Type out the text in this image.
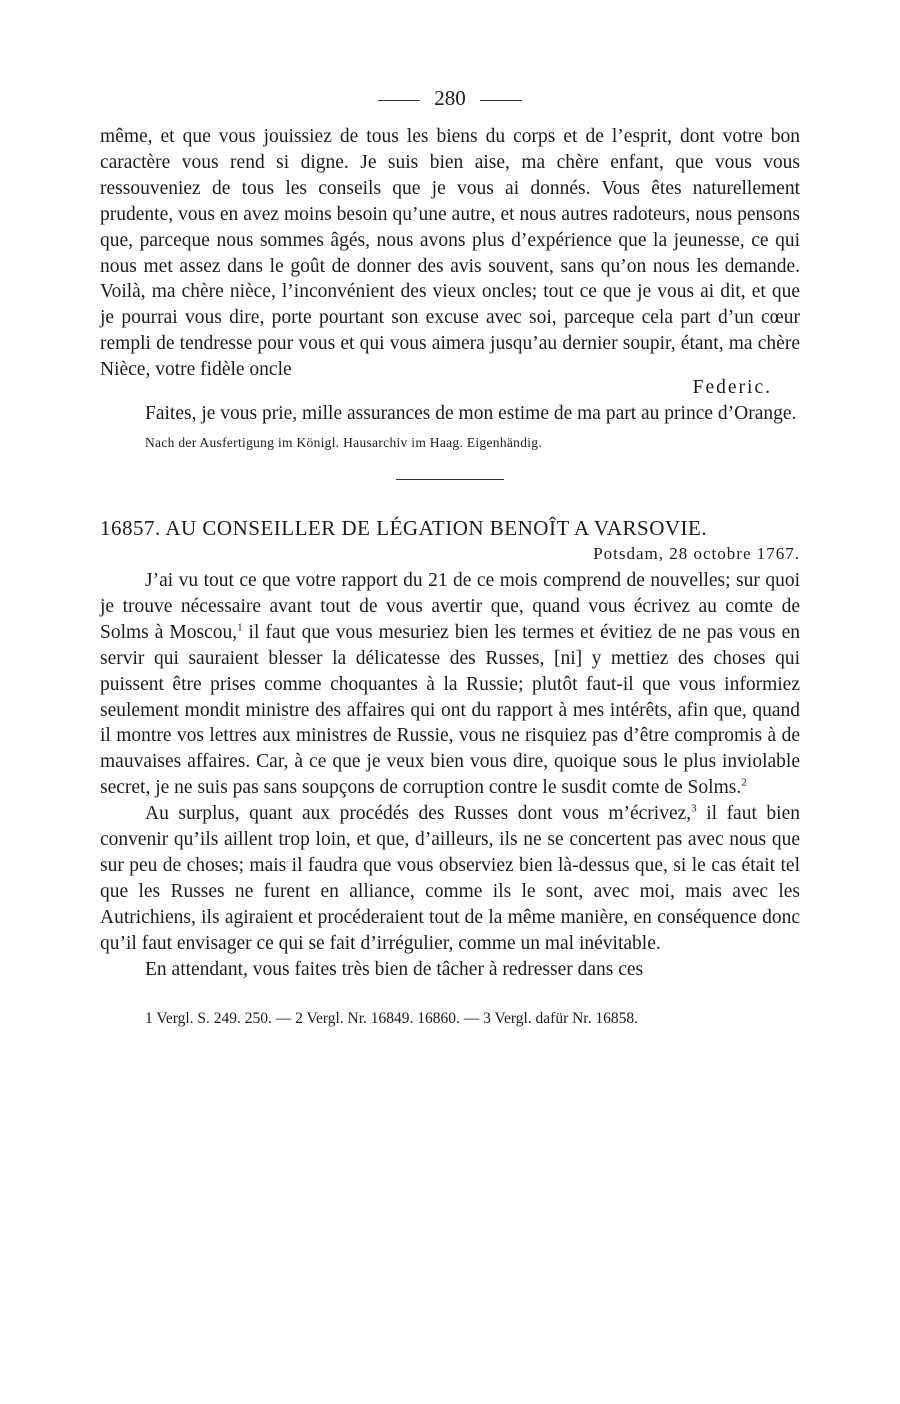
280

même, et que vous jouissiez de tous les biens du corps et de l’esprit, dont votre bon caractère vous rend si digne. Je suis bien aise, ma chère enfant, que vous vous ressouveniez de tous les conseils que je vous ai donnés. Vous êtes naturellement prudente, vous en avez moins besoin qu’une autre, et nous autres radoteurs, nous pensons que, parceque nous sommes âgés, nous avons plus d’expérience que la jeunesse, ce qui nous met assez dans le goût de donner des avis souvent, sans qu’on nous les demande. Voilà, ma chère nièce, l’inconvénient des vieux oncles; tout ce que je vous ai dit, et que je pourrai vous dire, porte pourtant son excuse avec soi, parceque cela part d’un cœur rempli de tendresse pour vous et qui vous aimera jusqu’au dernier soupir, étant, ma chère Nièce, votre fidèle oncle

Federic.

Faites, je vous prie, mille assurances de mon estime de ma part au prince d’Orange.

Nach der Ausfertigung im Königl. Hausarchiv im Haag. Eigenhändig.

16857. AU CONSEILLER DE LÉGATION BENOÎT A VARSOVIE.

Potsdam, 28 octobre 1767.

J’ai vu tout ce que votre rapport du 21 de ce mois comprend de nouvelles; sur quoi je trouve nécessaire avant tout de vous avertir que, quand vous écrivez au comte de Solms à Moscou,$^1$ il faut que vous mesuriez bien les termes et évitiez de ne pas vous en servir qui sauraient blesser la délicatesse des Russes, [ni] y mettiez des choses qui puissent être prises comme choquantes à la Russie; plutôt faut-il que vous informiez seulement mondit ministre des affaires qui ont du rapport à mes intérêts, afin que, quand il montre vos lettres aux ministres de Russie, vous ne risquiez pas d’être compromis à de mauvaises affaires. Car, à ce que je veux bien vous dire, quoique sous le plus inviolable secret, je ne suis pas sans soupçons de corruption contre le susdit comte de Solms.$^2$

Au surplus, quant aux procédés des Russes dont vous m’écrivez,$^3$ il faut bien convenir qu’ils aillent trop loin, et que, d’ailleurs, ils ne se concertent pas avec nous que sur peu de choses; mais il faudra que vous observiez bien là-dessus que, si le cas était tel que les Russes ne furent en alliance, comme ils le sont, avec moi, mais avec les Autrichiens, ils agiraient et procéderaient tout de la même manière, en conséquence donc qu’il faut envisager ce qui se fait d’irrégulier, comme un mal inévitable.

En attendant, vous faites très bien de tâcher à redresser dans ces

1 Vergl. S. 249. 250. — 2 Vergl. Nr. 16849. 16860. — 3 Vergl. dafür Nr. 16858.
